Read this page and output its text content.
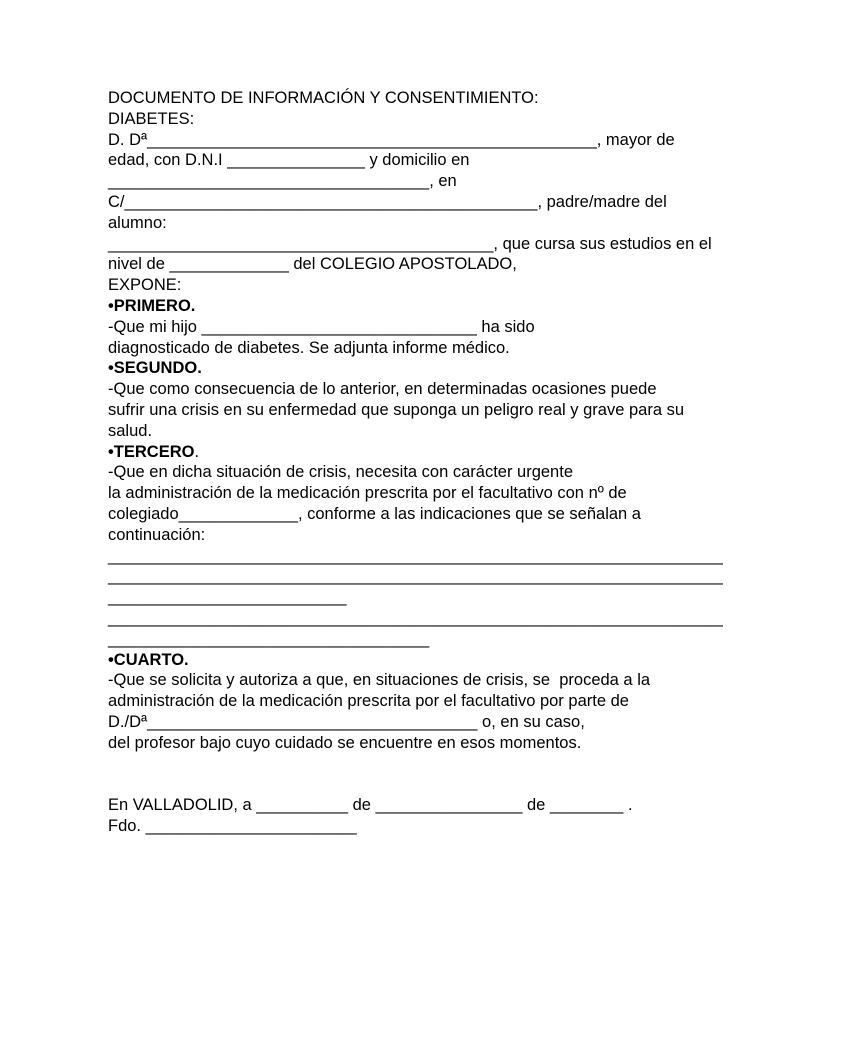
DOCUMENTO DE INFORMACIÓN Y CONSENTIMIENTO:
DIABETES:
D. Dª_________________________________________________, mayor de
edad, con D.N.I _______________ y domicilio en
___________________________________, en
C/_____________________________________________, padre/madre del
alumno:
__________________________________________, que cursa sus estudios en el
nivel de _____________ del COLEGIO APOSTOLADO,
EXPONE:
•PRIMERO.
-Que mi hijo ______________________________ ha sido
diagnosticado de diabetes. Se adjunta informe médico.
•SEGUNDO.
-Que como consecuencia de lo anterior, en determinadas ocasiones puede
sufrir una crisis en su enfermedad que suponga un peligro real y grave para su
salud.
•TERCERO.
-Que en dicha situación de crisis, necesita con carácter urgente
la administración de la medicación prescrita por el facultativo con nº de
colegiado_____________, conforme a las indicaciones que se señalan a
continuación:
___________________________________________________________________
___________________________________________________________________
__________________________
___________________________________________________________________
___________________________________
•CUARTO.
-Que se solicita y autoriza a que, en situaciones de crisis, se  proceda a la
administración de la medicación prescrita por el facultativo por parte de
D./Dª____________________________________ o, en su caso,
del profesor bajo cuyo cuidado se encuentre en esos momentos.
En VALLADOLID, a __________ de ________________ de ________ .
Fdo. _______________________
